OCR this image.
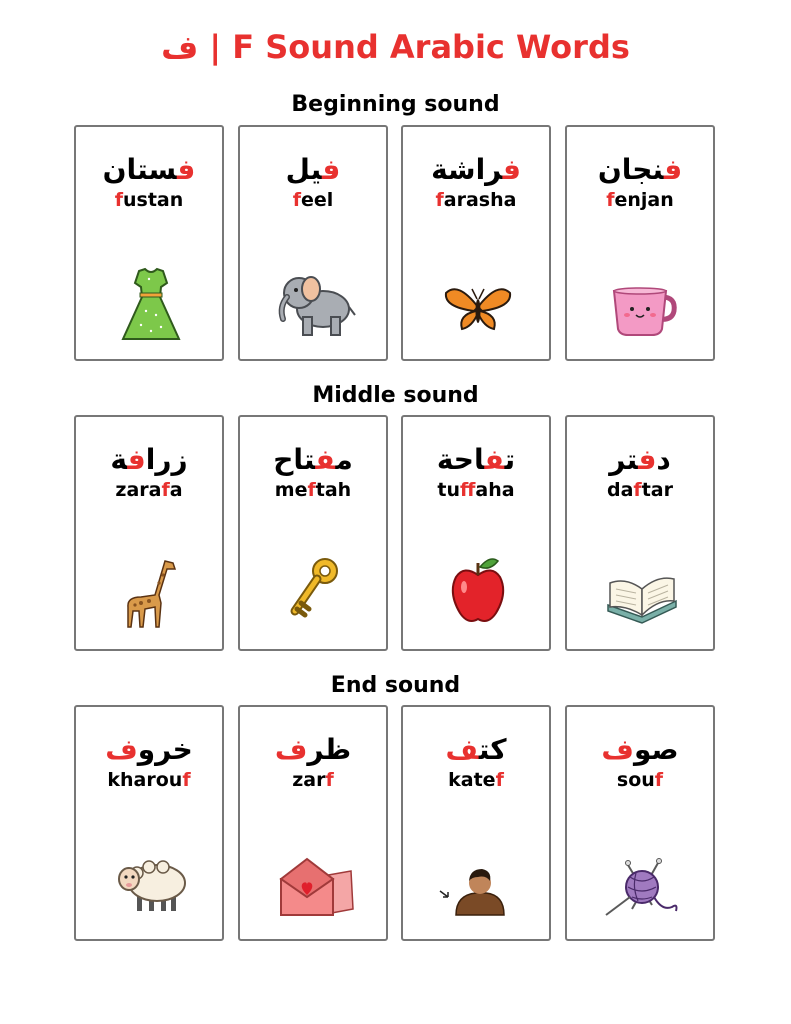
ف | F Sound Arabic Words
Beginning sound
فستان
fustan
فيل
feel
فراشة
farasha
فنجان
fenjan
Middle sound
زرافة
zarafa
مفتاح
meftah
تفاحة
tuffaha
دفتر
daftar
End sound
خروف
kharouf
ظرف
zarf
كتف
katef
صوف
souf
